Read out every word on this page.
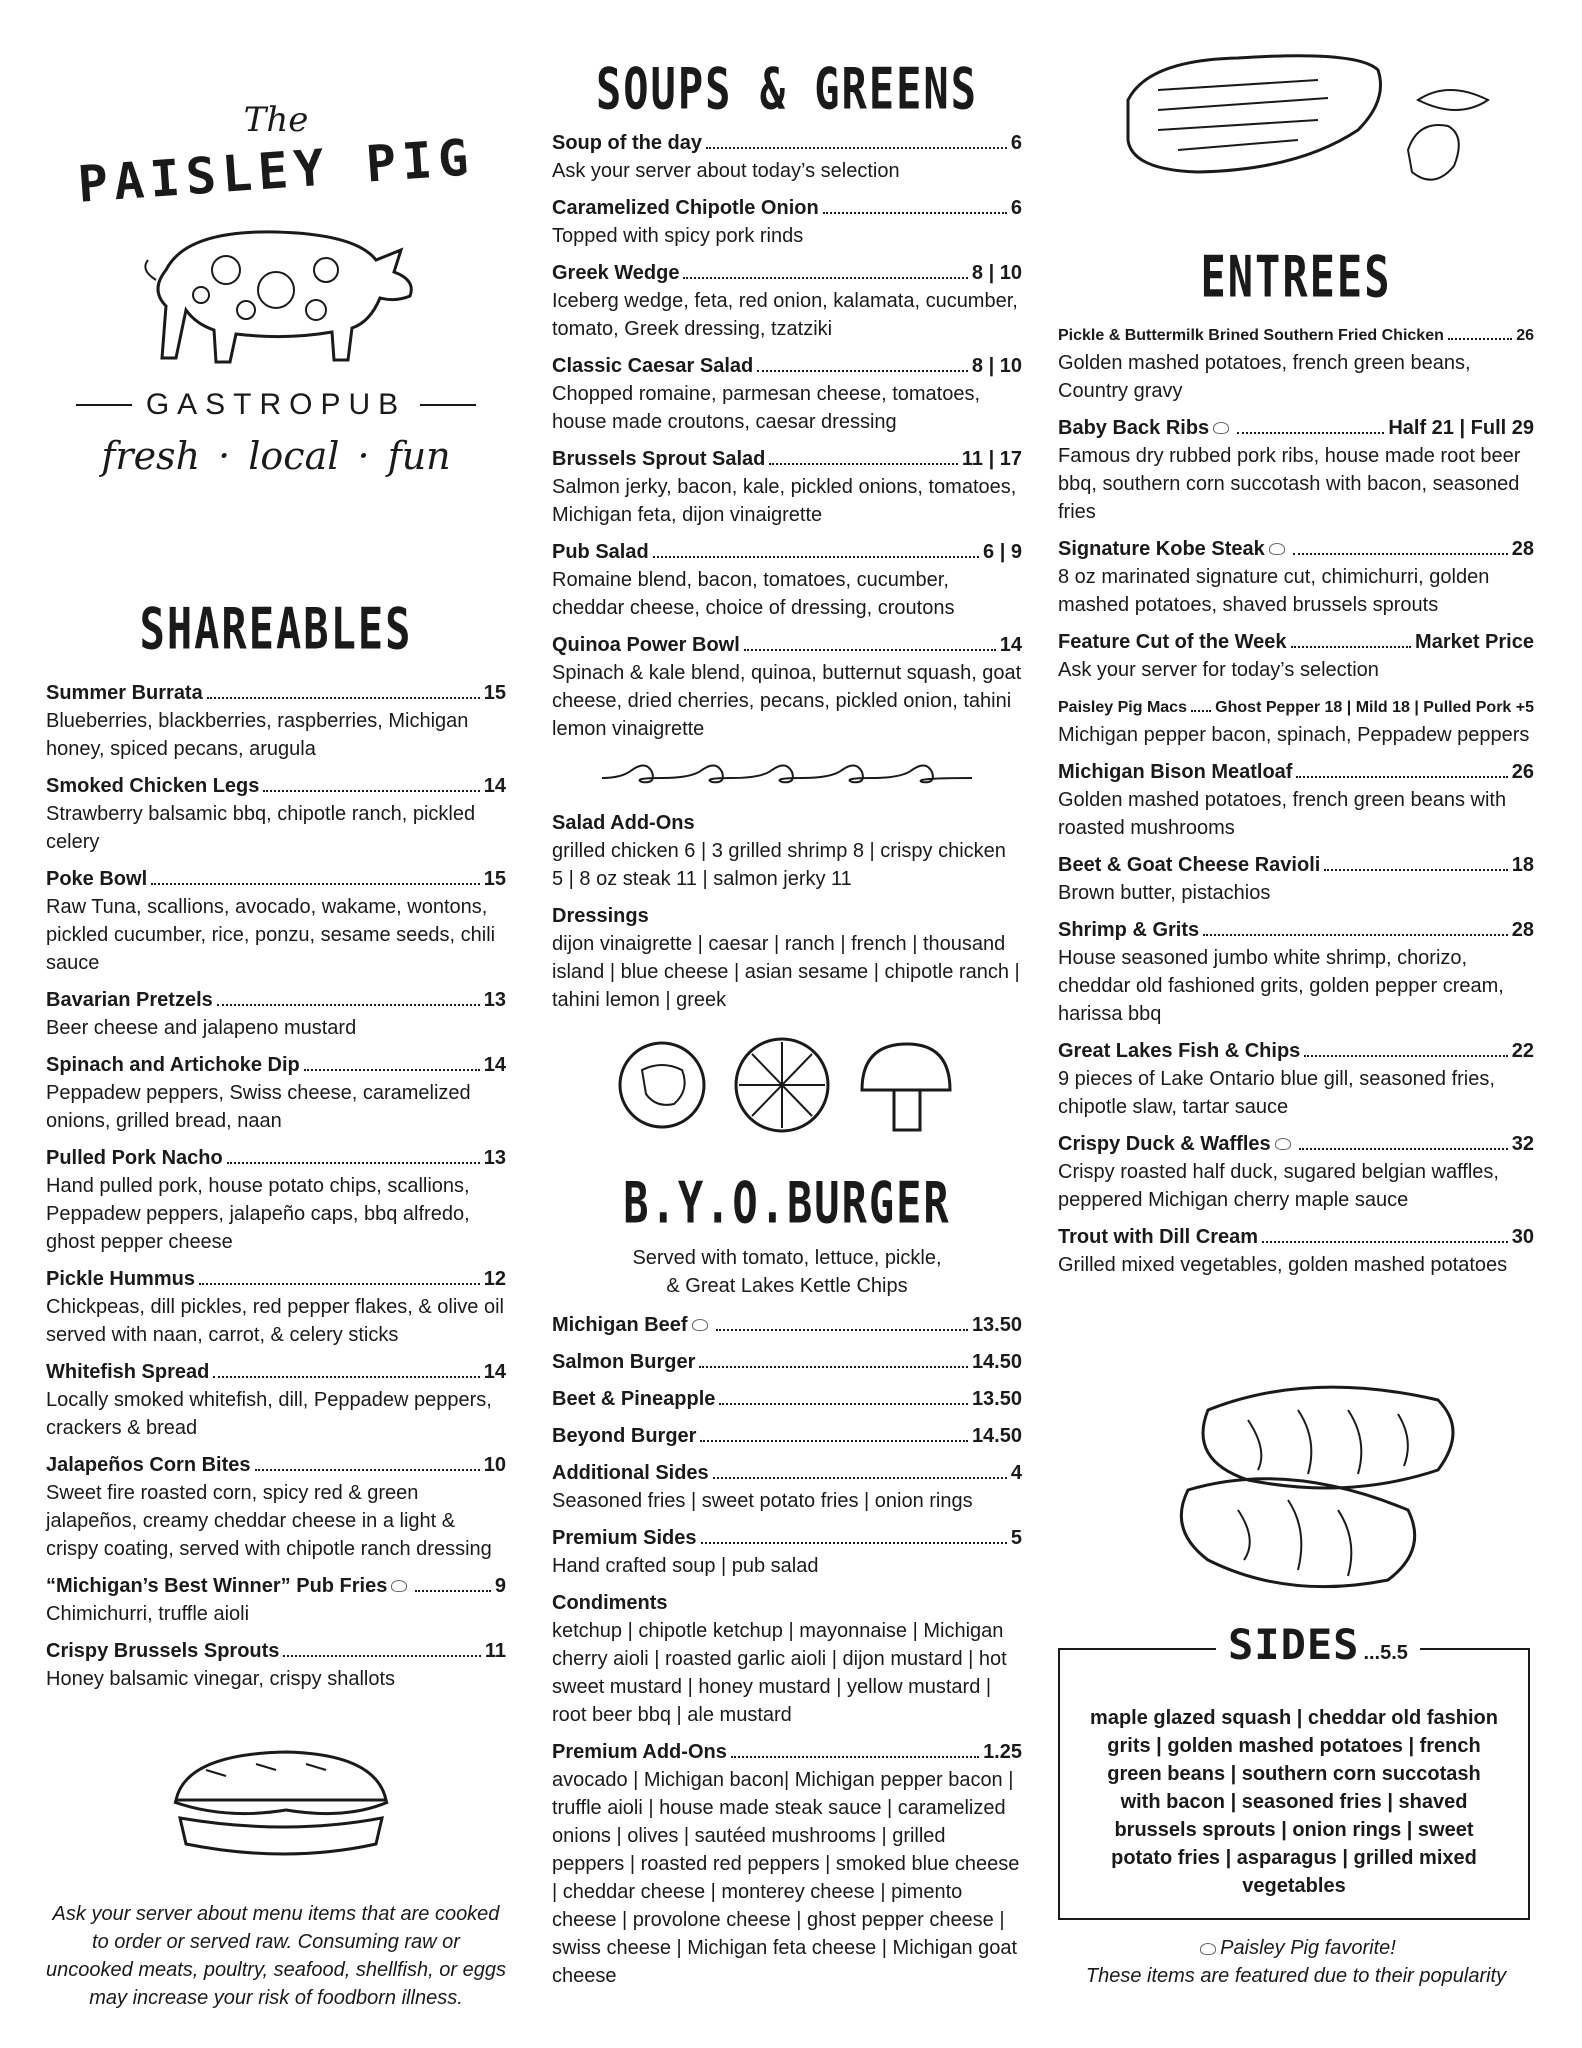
The

PAISLEY PIG

GASTROPUB
fresh · local · fun
SHAREABLES
Summer Burrata	15
Blueberries, blackberries, raspberries, Michigan honey, spiced pecans, arugula
Smoked Chicken Legs	14
Strawberry balsamic bbq, chipotle ranch, pickled celery
Poke Bowl	15
Raw Tuna, scallions, avocado, wakame, wontons, pickled cucumber, rice, ponzu, sesame seeds, chili sauce
Bavarian Pretzels	13
Beer cheese and jalapeno mustard
Spinach and Artichoke Dip	14
Peppadew peppers, Swiss cheese, caramelized onions, grilled bread, naan
Pulled Pork Nacho	13
Hand pulled pork, house potato chips, scallions, Peppadew peppers, jalapeño caps, bbq alfredo, ghost pepper cheese
Pickle Hummus	12
Chickpeas, dill pickles, red pepper flakes, & olive oil served with naan, carrot, & celery sticks
Whitefish Spread	14
Locally smoked whitefish, dill, Peppadew peppers, crackers & bread
Jalapeños Corn Bites	10
Sweet fire roasted corn, spicy red & green jalapeños, creamy cheddar cheese in a light & crispy coating, served with chipotle ranch dressing
“Michigan’s Best Winner” Pub Fries	9
Chimichurri, truffle aioli
Crispy Brussels Sprouts	11
Honey balsamic vinegar, crispy shallots
Ask your server about menu items that are cooked to order or served raw. Consuming raw or uncooked meats, poultry, seafood, shellfish, or eggs may increase your risk of foodborn illness.
SOUPS & GREENS
Soup of the day	6
Ask your server about today’s selection
Caramelized Chipotle Onion	6
Topped with spicy pork rinds
Greek Wedge	8 | 10
Iceberg wedge, feta, red onion, kalamata, cucumber, tomato, Greek dressing, tzatziki
Classic Caesar Salad	8 | 10
Chopped romaine, parmesan cheese, tomatoes, house made croutons, caesar dressing
Brussels Sprout Salad	11 | 17
Salmon jerky, bacon, kale, pickled onions, tomatoes, Michigan feta, dijon vinaigrette
Pub Salad	6 | 9
Romaine blend, bacon, tomatoes, cucumber, cheddar cheese, choice of dressing, croutons
Quinoa Power Bowl	14
Spinach & kale blend, quinoa, butternut squash, goat cheese, dried cherries, pecans, pickled onion, tahini lemon vinaigrette
Salad Add-Ons
grilled chicken 6 | 3 grilled shrimp 8 | crispy chicken 5 | 8 oz steak 11 | salmon jerky 11
Dressings
dijon vinaigrette | caesar | ranch | french | thousand island | blue cheese | asian sesame | chipotle ranch | tahini lemon | greek
B.Y.O.BURGER
Served with tomato, lettuce, pickle,
& Great Lakes Kettle Chips
Michigan Beef	13.50
Salmon Burger	14.50
Beet & Pineapple	13.50
Beyond Burger	14.50
Additional Sides	4
Seasoned fries | sweet potato fries | onion rings
Premium Sides	5
Hand crafted soup | pub salad
Condiments
ketchup | chipotle ketchup | mayonnaise | Michigan cherry aioli | roasted garlic aioli | dijon mustard | hot sweet mustard | honey mustard | yellow mustard | root beer bbq | ale mustard
Premium Add-Ons	1.25
avocado | Michigan bacon| Michigan pepper bacon | truffle aioli | house made steak sauce | caramelized onions | olives | sautéed mushrooms | grilled peppers | roasted red peppers | smoked blue cheese | cheddar cheese | monterey cheese | pimento cheese | provolone cheese | ghost pepper cheese | swiss cheese | Michigan feta cheese | Michigan goat cheese
ENTREES
Pickle & Buttermilk Brined Southern Fried Chicken	26
Golden mashed potatoes, french green beans, Country gravy
Baby Back Ribs	Half 21 | Full 29
Famous dry rubbed pork ribs, house made root beer bbq, southern corn succotash with bacon, seasoned fries
Signature Kobe Steak	28
8 oz marinated signature cut, chimichurri, golden mashed potatoes, shaved brussels sprouts
Feature Cut of the Week	Market Price
Ask your server for today’s selection
Paisley Pig Macs Ghost Pepper 18 | Mild 18 | Pulled Pork +5
Michigan pepper bacon, spinach, Peppadew peppers
Michigan Bison Meatloaf	26
Golden mashed potatoes, french green beans with roasted mushrooms
Beet & Goat Cheese Ravioli	18
Brown butter, pistachios
Shrimp & Grits	28
House seasoned jumbo white shrimp, chorizo, cheddar old fashioned grits, golden pepper cream, harissa bbq
Great Lakes Fish & Chips	22
9 pieces of Lake Ontario blue gill, seasoned fries, chipotle slaw, tartar sauce
Crispy Duck & Waffles	32
Crispy roasted half duck, sugared belgian waffles, peppered Michigan cherry maple sauce
Trout with Dill Cream	30
Grilled mixed vegetables, golden mashed potatoes
SIDES ...5.5
maple glazed squash | cheddar old fashion grits | golden mashed potatoes | french green beans | southern corn succotash with bacon | seasoned fries | shaved brussels sprouts | onion rings | sweet potato fries | asparagus | grilled mixed vegetables
Paisley Pig favorite!
These items are featured due to their popularity
